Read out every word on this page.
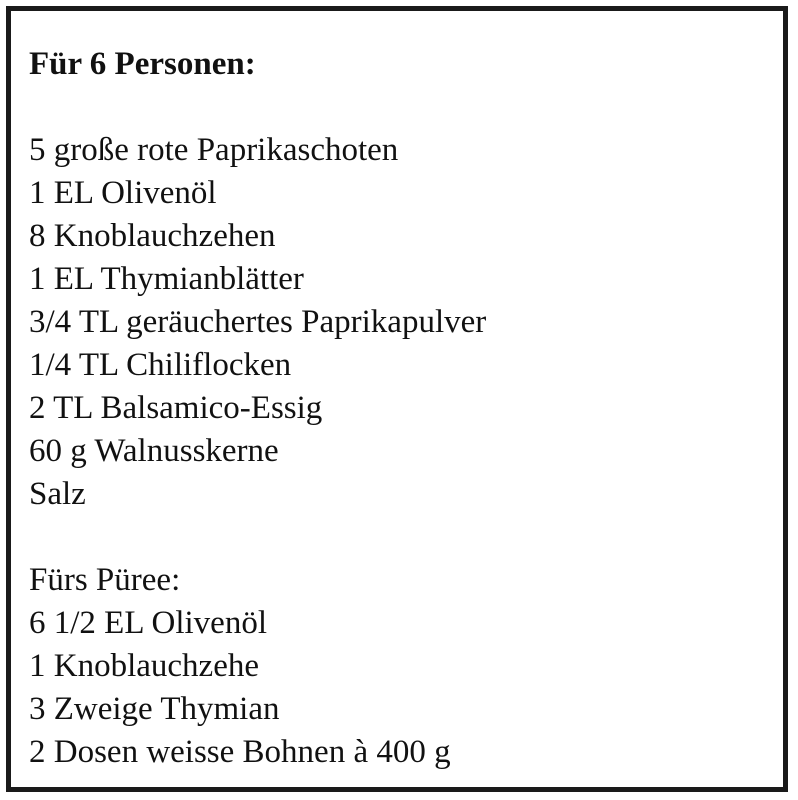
Für 6 Personen:
5 große rote Paprikaschoten
1 EL Olivenöl
8 Knoblauchzehen
1 EL Thymianblätter
3/4 TL geräuchertes Paprikapulver
1/4 TL Chiliflocken
2 TL Balsamico-Essig
60 g Walnusskerne
Salz
Fürs Püree:
6 1/2 EL Olivenöl
1 Knoblauchzehe
3 Zweige Thymian
2 Dosen weisse Bohnen à 400 g
